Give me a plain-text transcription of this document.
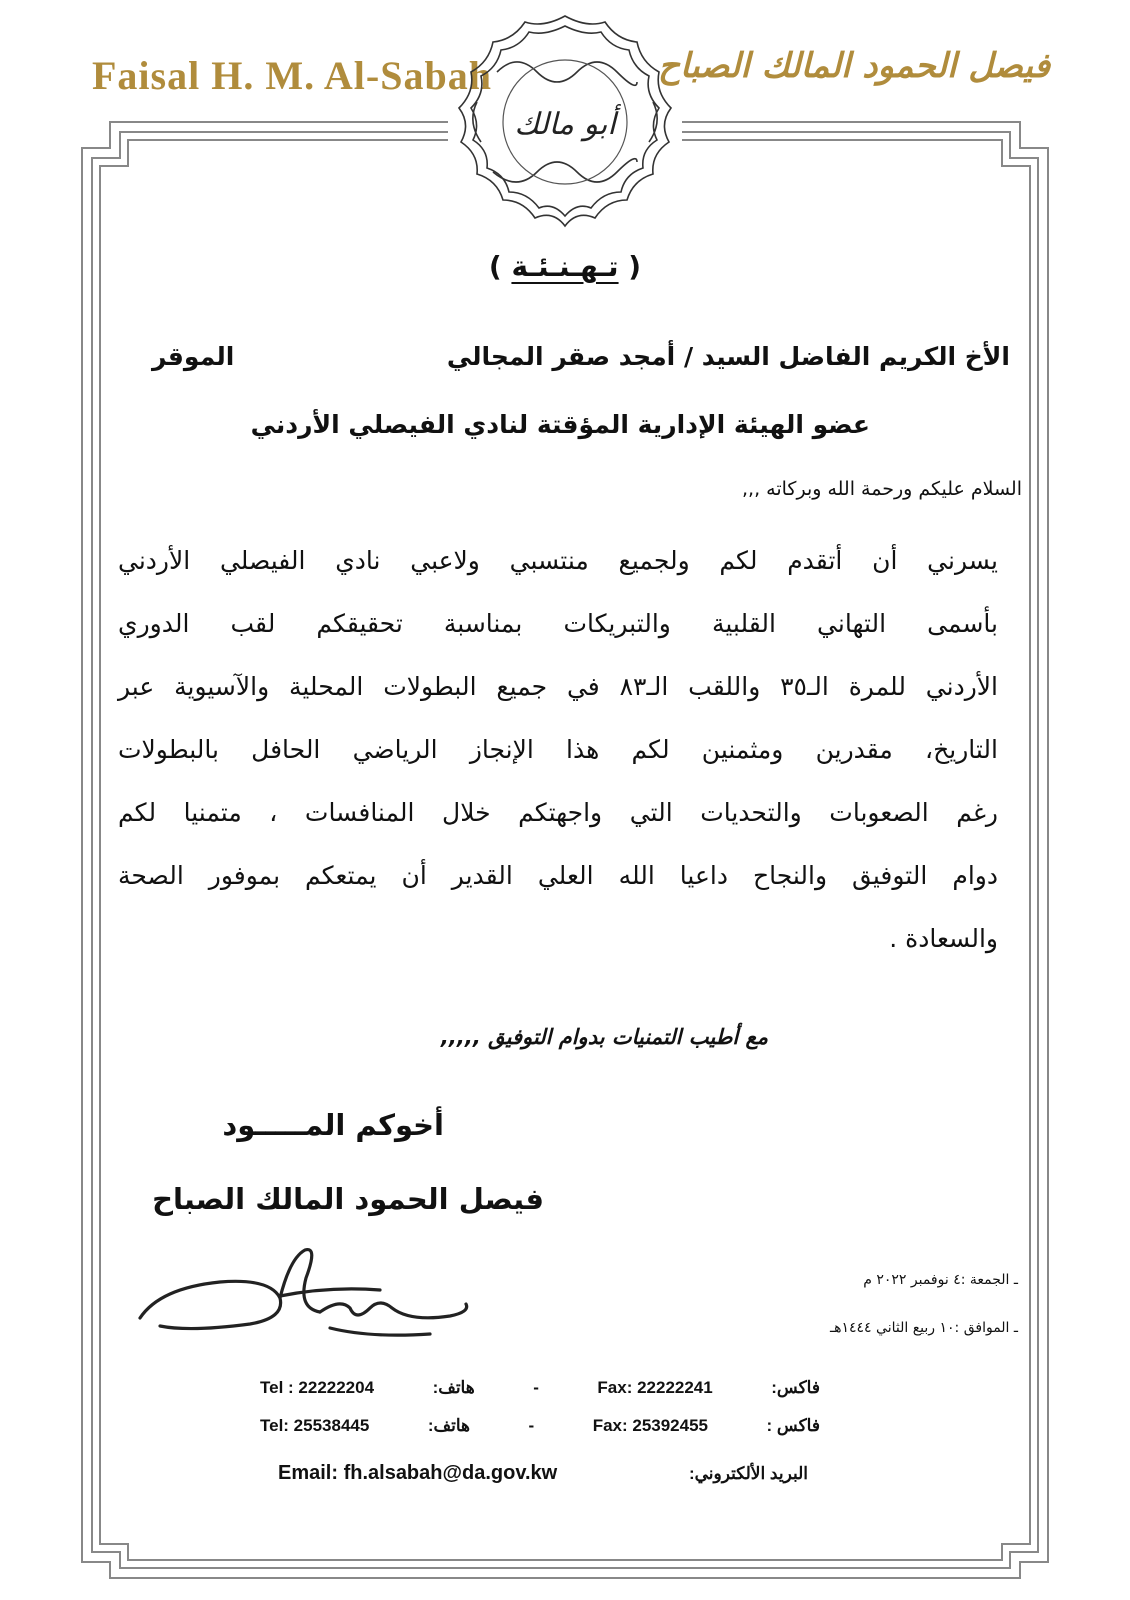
Faisal H. M. Al-Sabah	فيصل الحمود المالك الصباح
أبو مالك
( تـهـنـئـة )
الأخ الكريم الفاضل السيد / أمجد صقر المجالي
الموقر
عضو الهيئة الإدارية المؤقتة لنادي الفيصلي الأردني
السلام عليكم ورحمة الله وبركاته ,,,

يسرني أن أتقدم لكم ولجميع منتسبي ولاعبي نادي الفيصلي الأردني

بأسمى التهاني القلبية والتبريكات بمناسبة تحقيقكم لقب الدوري

الأردني للمرة الـ٣٥ واللقب الـ٨٣ في جميع البطولات المحلية والآسيوية عبر

التاريخ، مقدرين ومثمنين لكم هذا الإنجاز الرياضي الحافل بالبطولات

رغم الصعوبات والتحديات التي واجهتكم خلال المنافسات ، متمنيا لكم

دوام التوفيق والنجاح داعيا الله العلي القدير أن يمتعكم بموفور الصحة

والسعادة .

مع أطيب التمنيات بدوام التوفيق ,,,,,
أخوكم المـــــود
فيصل الحمود المالك الصباح
ـ الجمعة :٤ نوفمبر ٢٠٢٢ م
ـ الموافق :١٠ ربيع الثاني ١٤٤٤هـ
Tel : 22222204	هاتف:	-	Fax: 22222241	فاكس:
Tel: 25538445	هاتف:	-	Fax: 25392455	فاكس :
Email: fh.alsabah@da.gov.kw	البريد الألكتروني:
